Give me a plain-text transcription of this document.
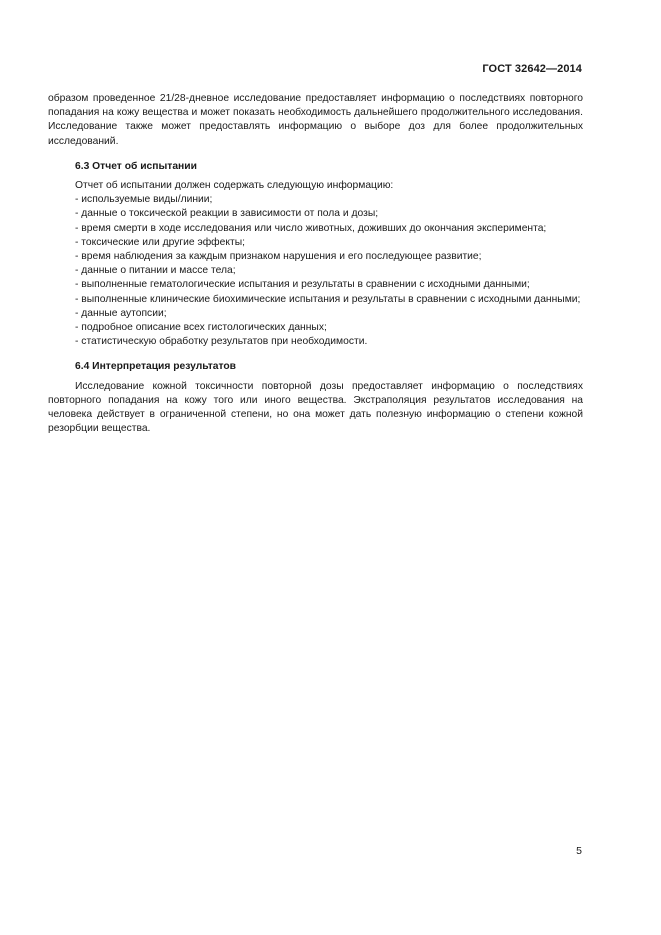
ГОСТ 32642—2014

образом проведенное 21/28-дневное исследование предоставляет информацию о последствиях повторного попадания на кожу вещества и может показать необходимость дальнейшего продолжительного исследования. Исследование также может предоставлять информацию о выборе доз для более продолжительных исследований.

6.3 Отчет об испытании

Отчет об испытании должен содержать следующую информацию:

- используемые виды/линии;
- данные о токсической реакции в зависимости от пола и дозы;
- время смерти в ходе исследования или число животных, доживших до окончания эксперимента;
- токсические или другие эффекты;
- время наблюдения за каждым признаком нарушения и его последующее развитие;
- данные о питании и массе тела;
- выполненные гематологические испытания и результаты в сравнении с исходными данными;
- выполненные клинические биохимические испытания и результаты в сравнении с исходными данными;
- данные аутопсии;
- подробное описание всех гистологических данных;
- статистическую обработку результатов при необходимости.
6.4 Интерпретация результатов

Исследование кожной токсичности повторной дозы предоставляет информацию о последствиях повторного попадания на кожу того или иного вещества. Экстраполяция результатов исследования на человека действует в ограниченной степени, но она может дать полезную информацию о степени кожной резорбции вещества.

5
